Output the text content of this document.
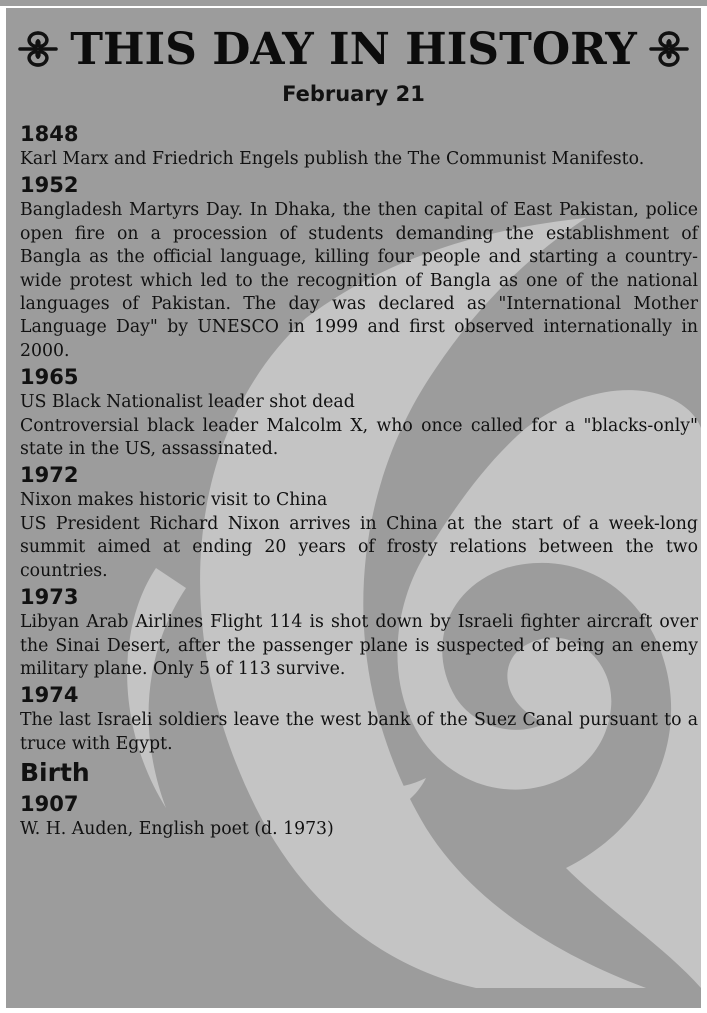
THIS DAY IN HISTORY
February 21
1848
Karl Marx and Friedrich Engels publish the The Communist Manifesto.
1952
Bangladesh Martyrs Day. In Dhaka, the then capital of East Pakistan, police open fire on a procession of students demanding the establishment of Bangla as the official language, killing four people and starting a country-wide protest which led to the recognition of Bangla as one of the national languages of Pakistan. The day was declared as "International Mother Language Day" by UNESCO in 1999 and first observed internationally in 2000.
1965
US Black Nationalist leader shot dead
Controversial black leader Malcolm X, who once called for a "blacks-only" state in the US, assassinated.
1972
Nixon makes historic visit to China
US President Richard Nixon arrives in China at the start of a week-long summit aimed at ending 20 years of frosty relations between the two countries.
1973
Libyan Arab Airlines Flight 114 is shot down by Israeli fighter aircraft over the Sinai Desert, after the passenger plane is suspected of being an enemy military plane. Only 5 of 113 survive.
1974
The last Israeli soldiers leave the west bank of the Suez Canal pursuant to a truce with Egypt.
Birth
1907
W. H. Auden, English poet (d. 1973)
